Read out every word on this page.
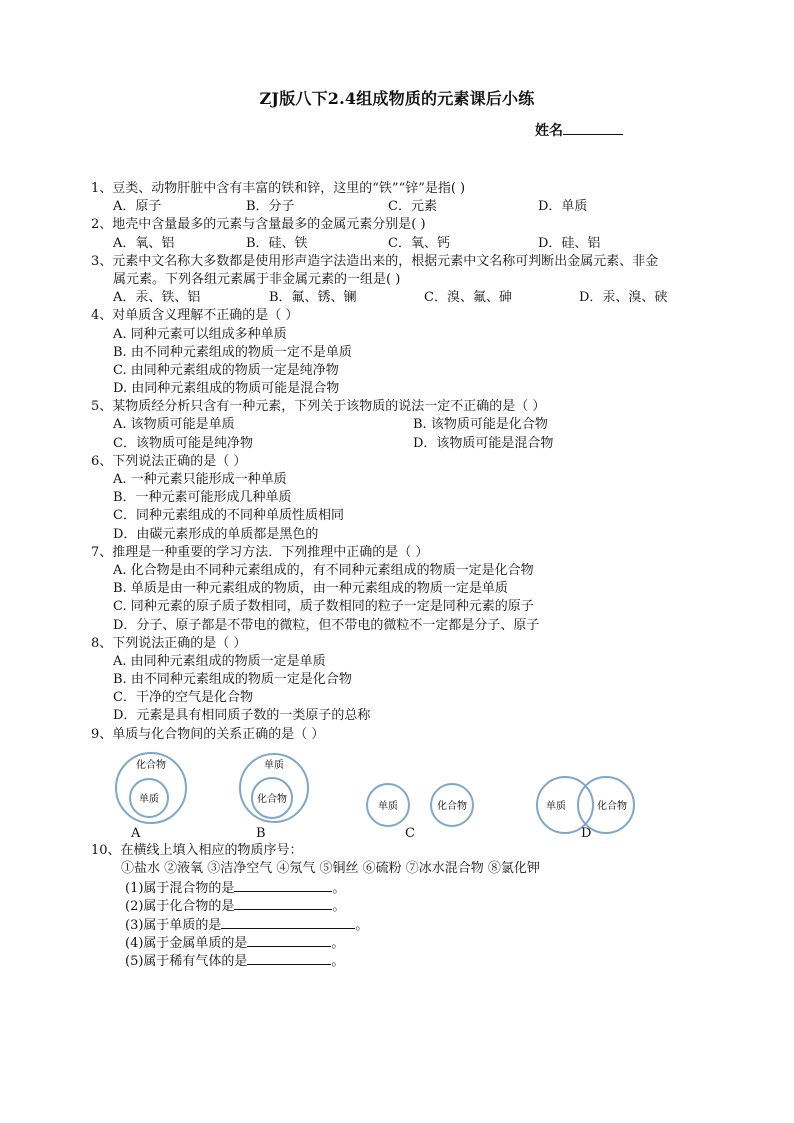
ZJ版八下2.4组成物质的元素课后小练
姓名
1、豆类、动物肝脏中含有丰富的铁和锌，这里的“铁”“锌”是指( )
A．原子	B．分子	C．元素	D．单质
2、地壳中含量最多的元素与含量最多的金属元素分别是( )
A．氧、铝	B．硅、铁	C．氧、钙	D．硅、铝
3、元素中文名称大多数都是使用形声造字法造出来的，根据元素中文名称可判断出金属元素、非金
属元素。下列各组元素属于非金属元素的一组是( )
A．汞、铁、铝	B．氟、锈、镧	C．溴、氟、砷	D．汞、溴、硖
4、对单质含义理解不正确的是（ ）
A. 同种元素可以组成多种单质
B. 由不同种元素组成的物质一定不是单质
C. 由同种元素组成的物质一定是纯净物
D. 由同种元素组成的物质可能是混合物
5、某物质经分析只含有一种元素，下列关于该物质的说法一定不正确的是（ ）
A. 该物质可能是单质	B. 该物质可能是化合物
C．该物质可能是纯净物	D．该物质可能是混合物
6、下列说法正确的是（ ）
A. 一种元素只能形成一种单质
B．一种元素可能形成几种单质
C．同种元素组成的不同种单质性质相同
D．由碳元素形成的单质都是黑色的
7、推理是一种重要的学习方法．下列推理中正确的是（ ）
A. 化合物是由不同种元素组成的，有不同种元素组成的物质一定是化合物
B. 单质是由一种元素组成的物质，由一种元素组成的物质一定是单质
C. 同种元素的原子质子数相同，质子数相同的粒子一定是同种元素的原子
D．分子、原子都是不带电的微粒，但不带电的微粒不一定都是分子、原子
8、下列说法正确的是（ ）
A. 由同种元素组成的物质一定是单质
B. 由不同种元素组成的物质一定是化合物
C．干净的空气是化合物
D．元素是具有相同质子数的一类原子的总称
9、单质与化合物间的关系正确的是（ ）
化合物
单质
单质
化合物
单质	化合物	单质	化合物
A	B	C	D
10、在横线上填入相应的物质序号：
①盐水 ②液氧 ③洁净空气 ④氖气 ⑤铜丝 ⑥硫粉 ⑦冰水混合物 ⑧氯化钾
(1)属于混合物的是	。
(2)属于化合物的是	。
(3)属于单质的是	。
(4)属于金属单质的是	。
(5)属于稀有气体的是	。
